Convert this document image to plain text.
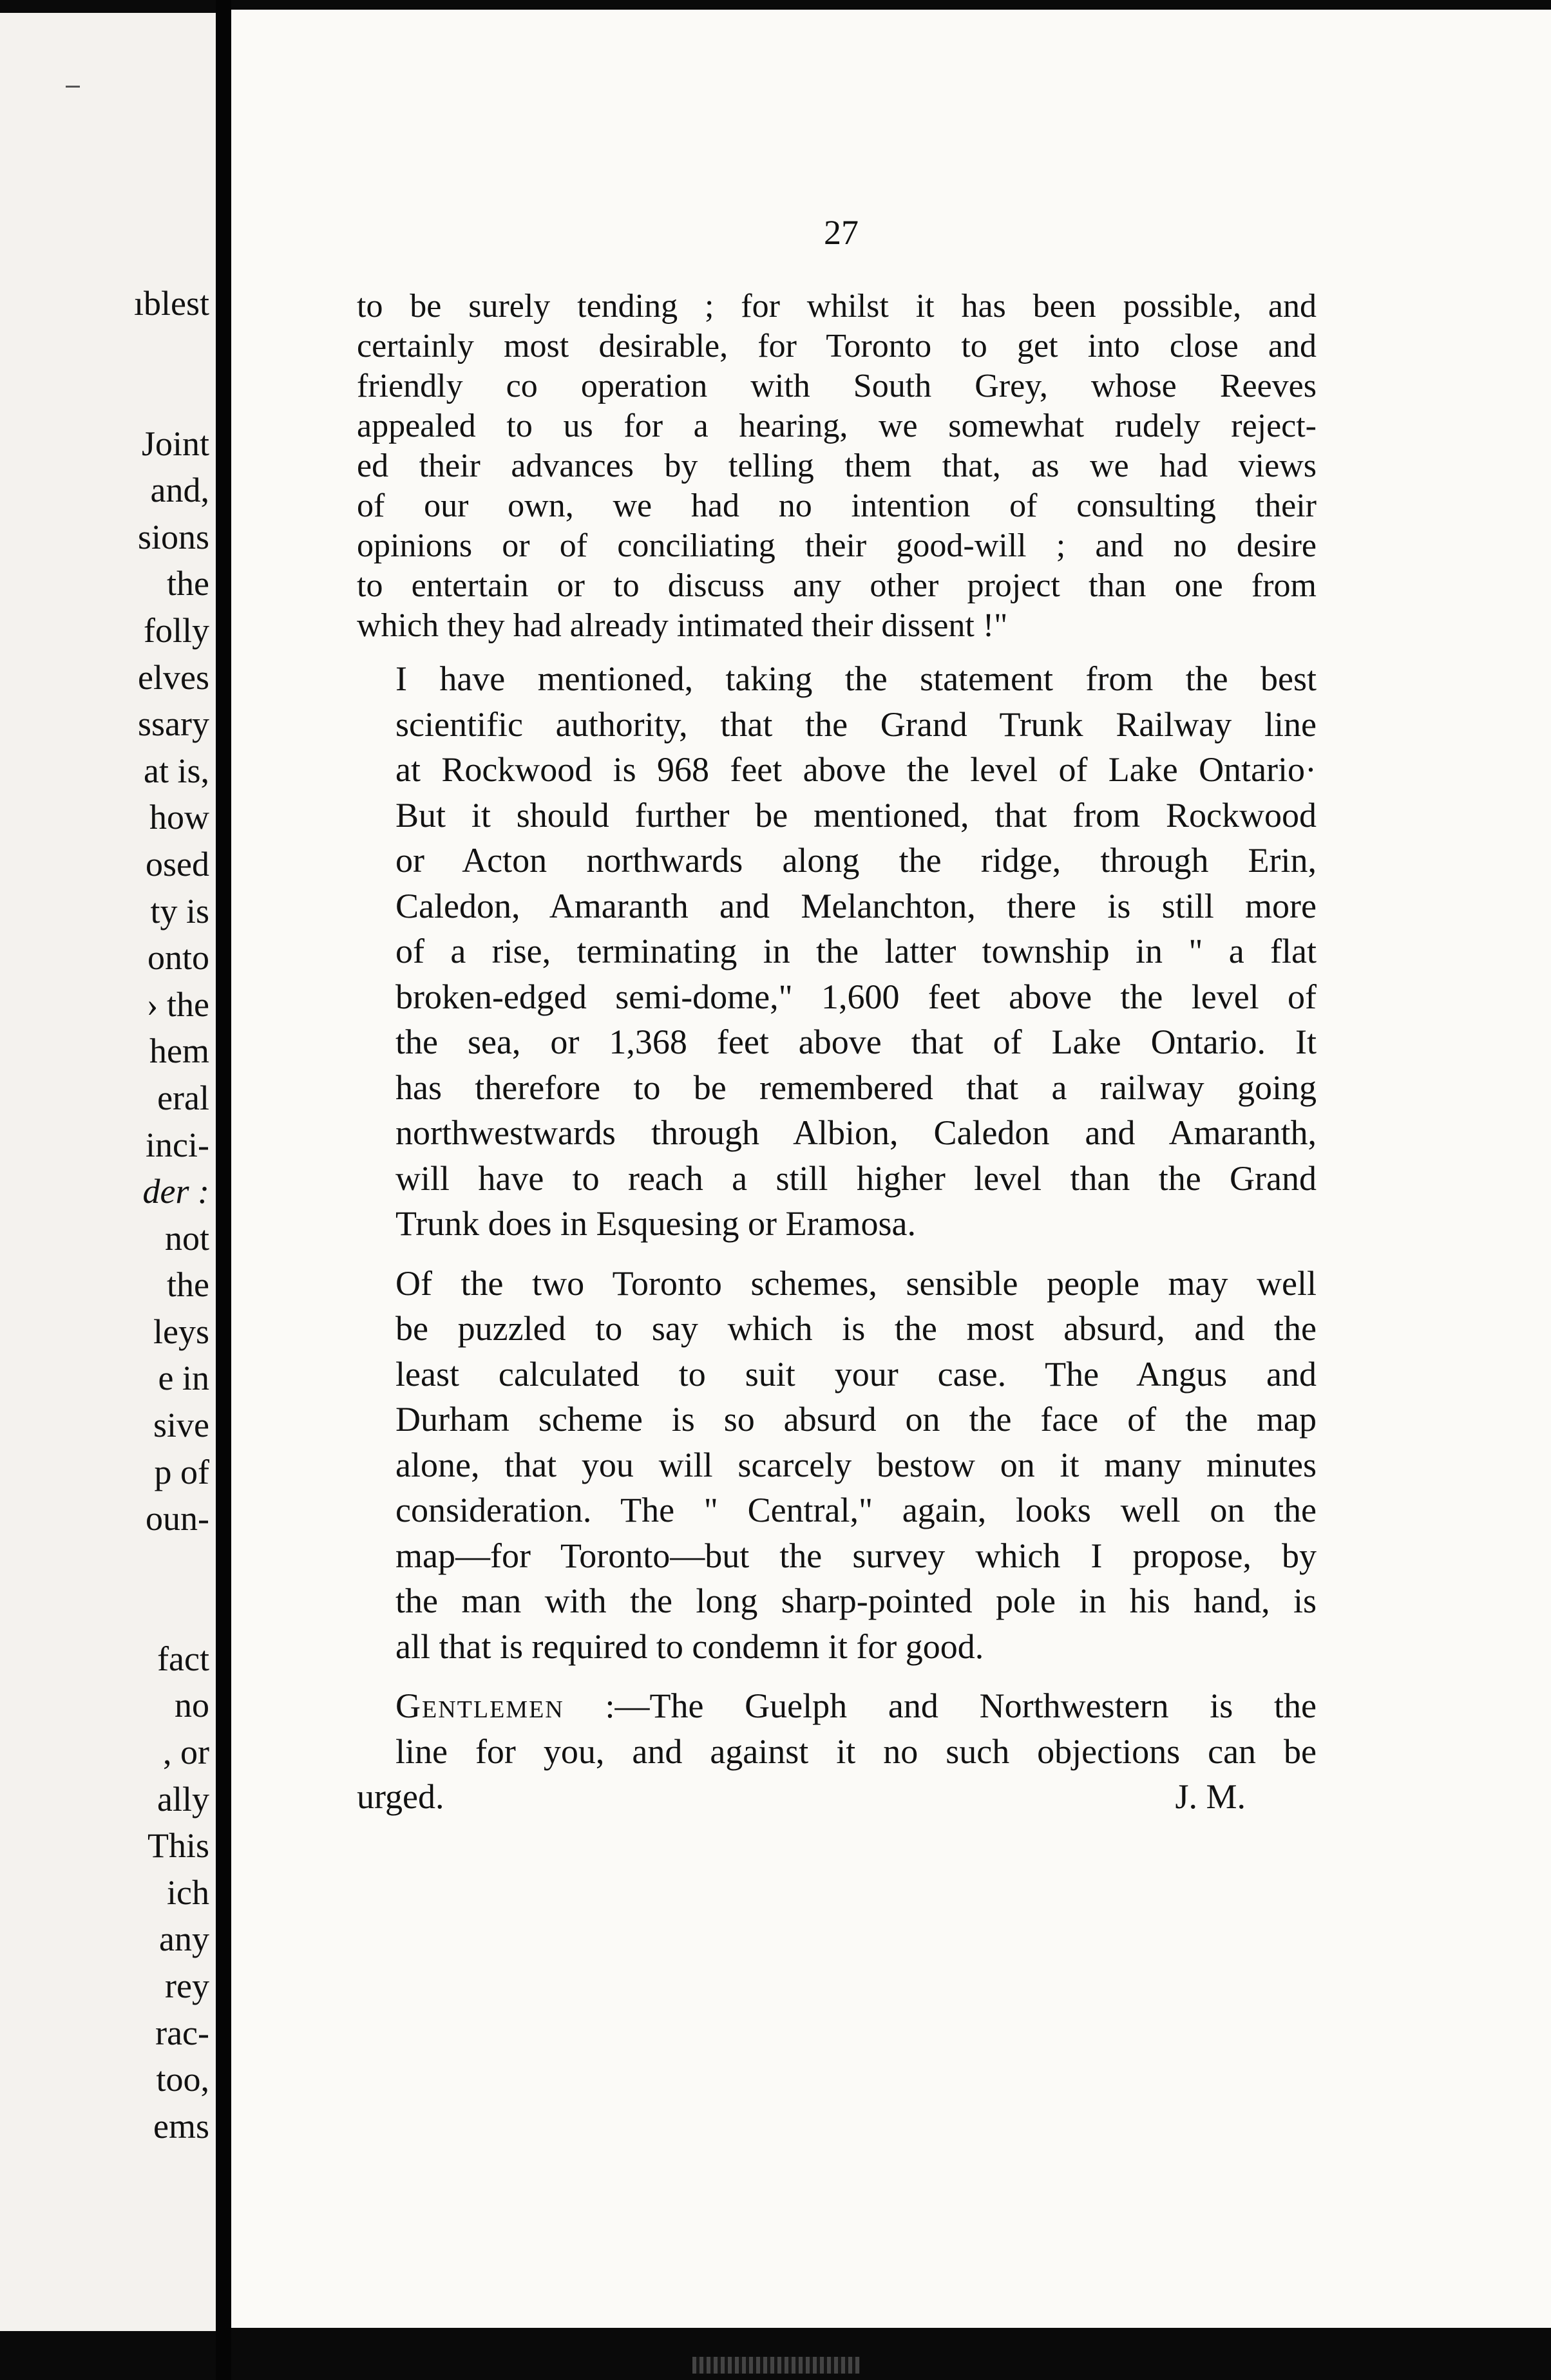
ıblest
Joint
and,
sions
the
folly
elves
ssary
at is,
how
osed
ty is
onto
› the
hem
eral
inci-
der :
not
the
leys
e in
sive
p of
oun-
fact
no
, or
ally
This
ich
any
rey
rac-
too,
ems
27
to be surely tending ; for whilst it has been possible, and
certainly most desirable, for Toronto to get into close and
friendly co operation with South Grey, whose Reeves
appealed to us for a hearing, we somewhat rudely reject-
ed their advances by telling them that, as we had views
of our own, we had no intention of consulting their
opinions or of conciliating their good-will ; and no desire
to entertain or to discuss any other project than one from
which they had already intimated their dissent !"
I have mentioned, taking the statement from the best
scientific authority, that the Grand Trunk Railway line
at Rockwood is 968 feet above the level of Lake Ontario·
But it should further be mentioned, that from Rockwood
or Acton northwards along the ridge, through Erin,
Caledon, Amaranth and Melanchton, there is still more
of a rise, terminating in the latter township in " a flat
broken-edged semi-dome," 1,600 feet above the level of
the sea, or 1,368 feet above that of Lake Ontario. It
has therefore to be remembered that a railway going
northwestwards through Albion, Caledon and Amaranth,
will have to reach a still higher level than the Grand
Trunk does in Esquesing or Eramosa.
Of the two Toronto schemes, sensible people may well
be puzzled to say which is the most absurd, and the
least calculated to suit your case. The Angus and
Durham scheme is so absurd on the face of the map
alone, that you will scarcely bestow on it many minutes
consideration. The " Central," again, looks well on the
map—for Toronto—but the survey which I propose, by
the man with the long sharp-pointed pole in his hand, is
all that is required to condemn it for good.
Gentlemen :—The Guelph and Northwestern is the
line for you, and against it no such objections can be
urged.	J. M.
